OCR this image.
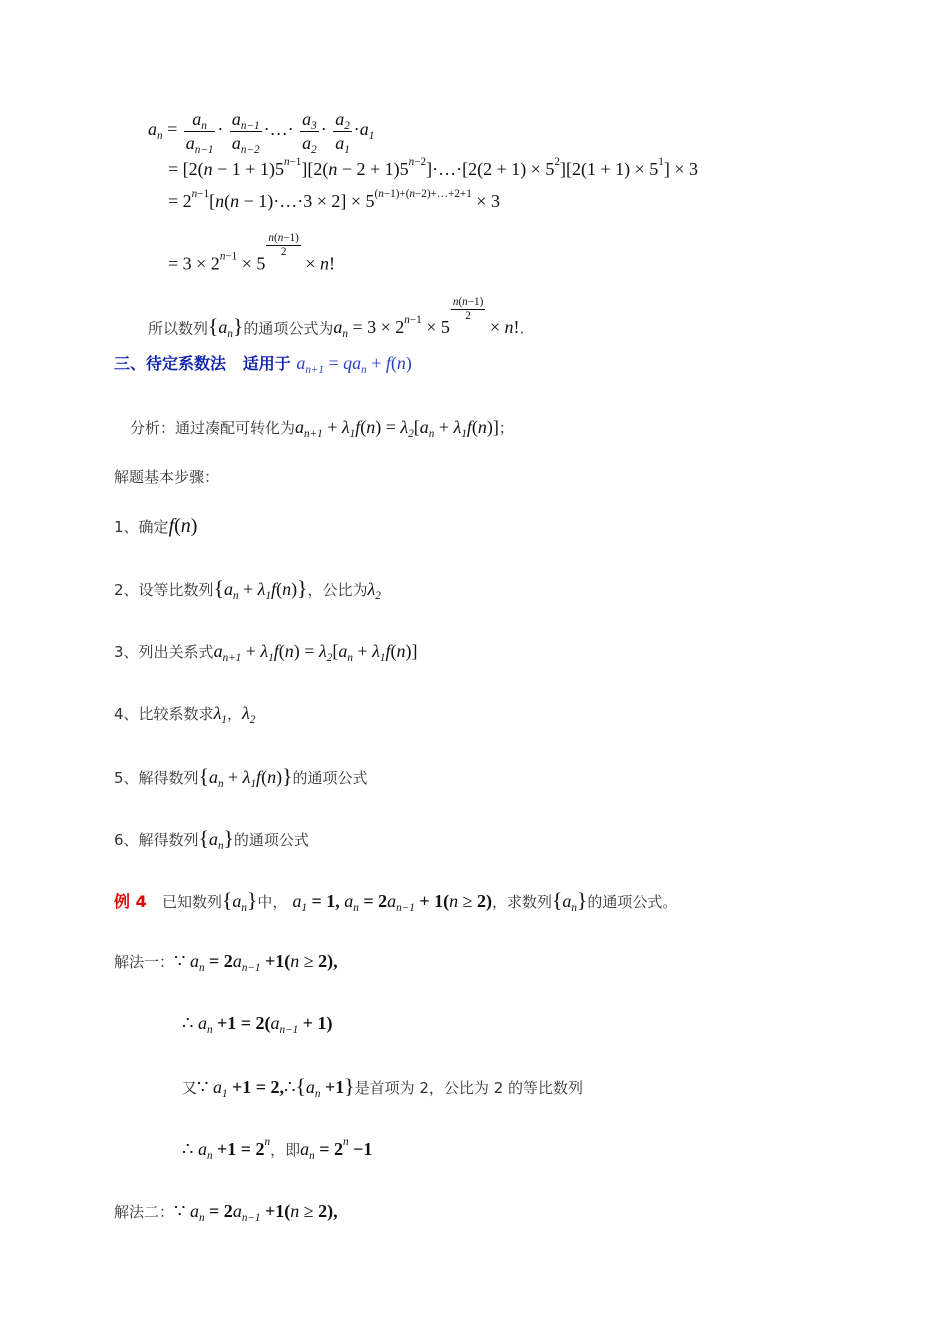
$a_n = \frac{a_n}{a_{n-1}} \cdot \frac{a_{n-1}}{a_{n-2}}$ ·…· $\frac{a_3}{a_2} \cdot \frac{a_2}{a_1} \cdot a_1$
= $[2(n - 1 + 1)5^{n-1}][2(n - 2$ + $1)5^{n-2}]\cdot\dots\cdot[2(2 + 1) \times 5^2][2(1 + 1) \times 5^1] \times 3$
= $2^{n-1}[n(n$ − 1)·…·3 × $2] \times 5^{(n-1)+(n-2)+\dots+2+1} \times 3$
= $3 \times 2^{n-1} \times 5$
$\frac{n(n-1)}{2}$
× n!
所以数列$\{a_n\}$的通项公式为$a_n = 3 \times 2^{n-1} \times 5$
$\frac{n(n-1)}{2}$
× n!.
三、待定系数法 适用于 $a_{n+1} = qa_n + f(n)$
分析：通过凑配可转化为$a_{n+1} + \lambda_1f(n) = \lambda_2[a_n + \lambda_1f(n)]$；
解题基本步骤：
1、确定f(n)
2、设等比数列$\{a_n + \lambda_1f(n)\}$，公比为$\lambda_2$
3、列出关系式$a_{n+1} + \lambda_1f(n) = \lambda_2[a_n + \lambda_1f(n)]$
4、比较系数求$\lambda_1$，$\lambda_2$
5、解得数列$\{a_n + \lambda_1f(n)\}$的通项公式
6、解得数列$\{a_n\}$的通项公式
例 4 已知数列$\{a_n\}$中， $a_1 = 1$, $a_n = 2a_{n-1} + 1(n \ge 2)$，求数列$\{a_n\}$的通项公式。
解法一：∵ $a_n = 2a_{n-1} +1(n \ge 2)$,
∴ $a_n +1 = 2(a_{n-1} + 1)$
又∵ $a_1 +1$ = $2,\therefore\{a_n +1\}$是首项为 2，公比为 2 的等比数列
∴ $a_n +1 = 2^n$，即$a_n = 2^n -1$
解法二：∵ $a_n = 2a_{n-1} +1(n \ge 2)$,
